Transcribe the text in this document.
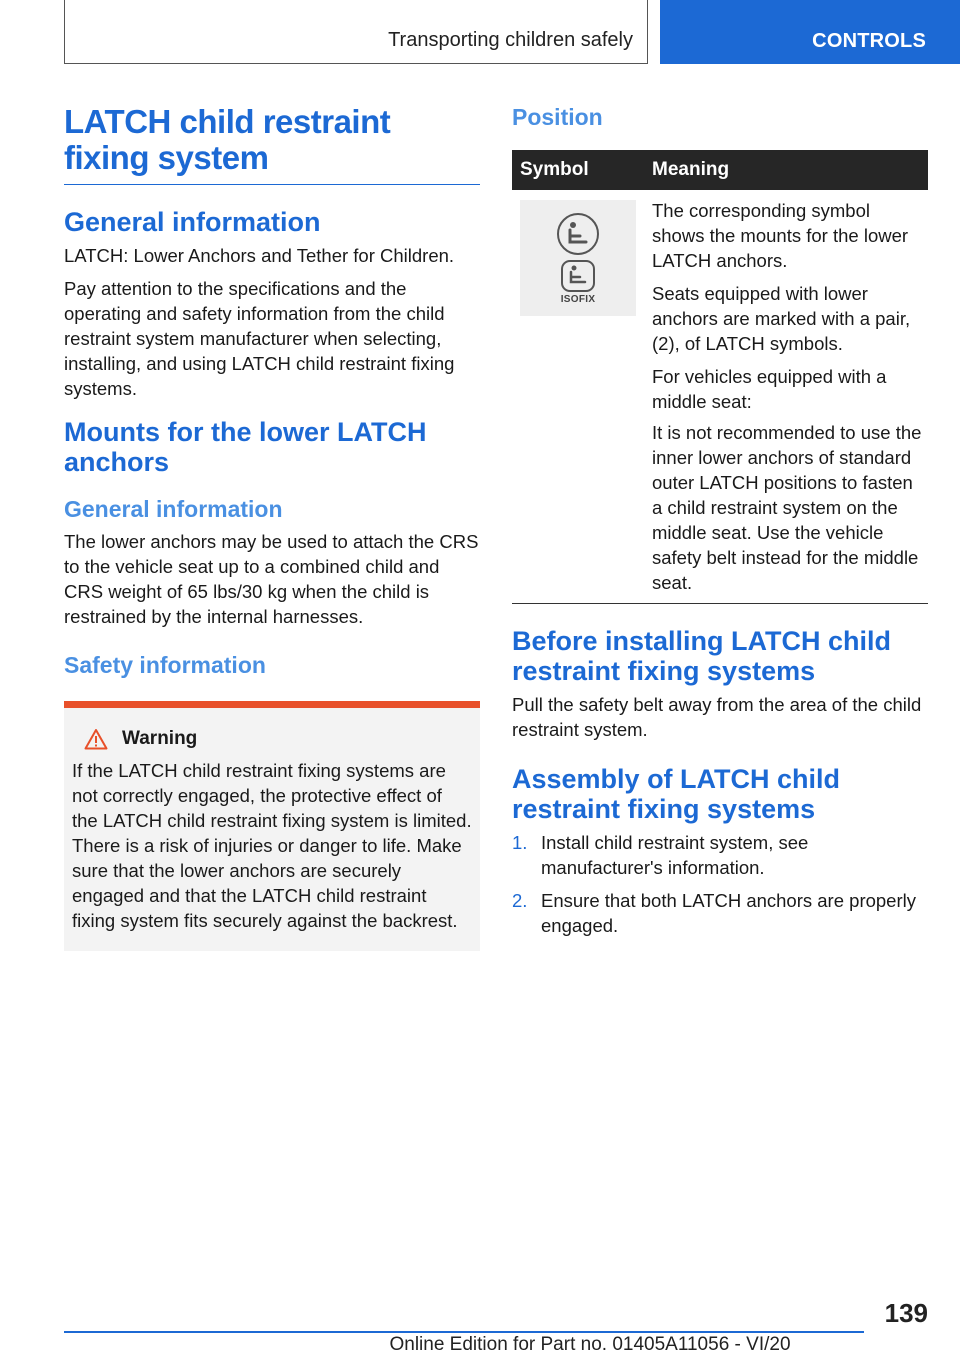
Transporting children safely	CONTROLS
LATCH child restraint fixing system
General information

LATCH: Lower Anchors and Tether for Children.

Pay attention to the specifications and the operating and safety information from the child restraint system manufacturer when selecting, installing, and using LATCH child restraint fixing systems.

Mounts for the lower LATCH anchors
General information

The lower anchors may be used to attach the CRS to the vehicle seat up to a combined child and CRS weight of 65 lbs/30 kg when the child is restrained by the internal harnesses.

Safety information
Warning

If the LATCH child restraint fixing systems are not correctly engaged, the protective effect of the LATCH child restraint fixing system is limited. There is a risk of injuries or danger to life. Make sure that the lower anchors are securely engaged and that the LATCH child restraint fixing system fits securely against the backrest.

Position
Symbol	Meaning

ISOFIX	The corresponding symbol shows the mounts for the lower LATCH anchors.

Seats equipped with lower anchors are marked with a pair, (2), of LATCH symbols.

For vehicles equipped with a middle seat:

It is not recommended to use the inner lower anchors of standard outer LATCH positions to fasten a child restraint system on the middle seat. Use the vehicle safety belt instead for the middle seat.

Before installing LATCH child restraint fixing systems

Pull the safety belt away from the area of the child restraint system.

Assembly of LATCH child restraint fixing systems
1. Install child restraint system, see manufacturer's information.
2. Ensure that both LATCH anchors are properly engaged.
139
Online Edition for Part no. 01405A11056 - VI/20
